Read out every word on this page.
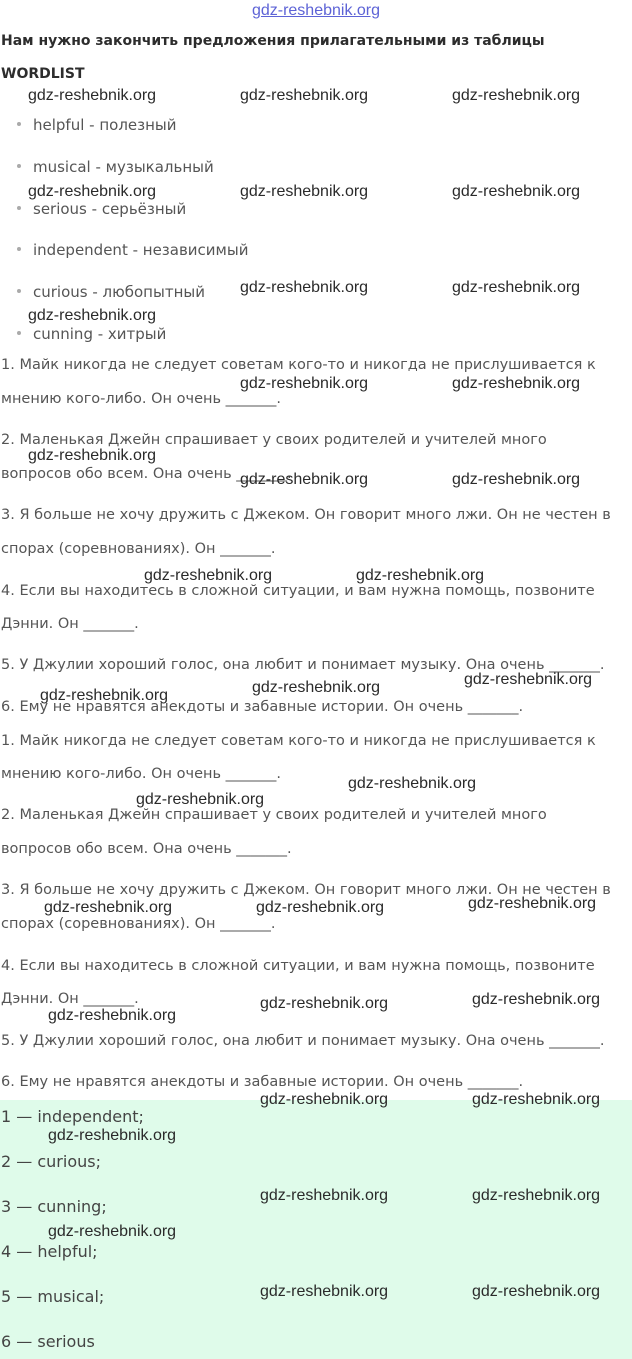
gdz-reshebnik.org
Нам нужно закончить предложения прилагательными из таблицы
WORDLIST
helpful - полезный
musical - музыкальный
serious - серьёзный
independent - независимый
curious - любопытный
cunning - хитрый
1. Майк никогда не следует советам кого-то и никогда не прислушивается к
мнению кого-либо. Он очень _______.
2. Маленькая Джейн спрашивает у своих родителей и учителей много
вопросов обо всем. Она очень _______.
3. Я больше не хочу дружить с Джеком. Он говорит много лжи. Он не честен в
спорах (соревнованиях). Он _______.
4. Если вы находитесь в сложной ситуации, и вам нужна помощь, позвоните
Дэнни. Он _______.
5. У Джулии хороший голос, она любит и понимает музыку. Она очень _______.
6. Ему не нравятся анекдоты и забавные истории. Он очень _______.
1. Майк никогда не следует советам кого-то и никогда не прислушивается к
мнению кого-либо. Он очень _______.
2. Маленькая Джейн спрашивает у своих родителей и учителей много
вопросов обо всем. Она очень _______.
3. Я больше не хочу дружить с Джеком. Он говорит много лжи. Он не честен в
спорах (соревнованиях). Он _______.
4. Если вы находитесь в сложной ситуации, и вам нужна помощь, позвоните
Дэнни. Он _______.
5. У Джулии хороший голос, она любит и понимает музыку. Она очень _______.
6. Ему не нравятся анекдоты и забавные истории. Он очень _______.
1 — independent;
2 — curious;
3 — cunning;
4 — helpful;
5 — musical;
6 — serious
gdz-reshebnik.org	gdz-reshebnik.org	gdz-reshebnik.org
gdz-reshebnik.org	gdz-reshebnik.org	gdz-reshebnik.org
gdz-reshebnik.org	gdz-reshebnik.org
gdz-reshebnik.org
gdz-reshebnik.org	gdz-reshebnik.org
gdz-reshebnik.org
gdz-reshebnik.org	gdz-reshebnik.org
gdz-reshebnik.org	gdz-reshebnik.org
gdz-reshebnik.org	gdz-reshebnik.org
gdz-reshebnik.org
gdz-reshebnik.org
gdz-reshebnik.org
gdz-reshebnik.org	gdz-reshebnik.org	gdz-reshebnik.org
gdz-reshebnik.org	gdz-reshebnik.org
gdz-reshebnik.org
gdz-reshebnik.org	gdz-reshebnik.org
gdz-reshebnik.org
gdz-reshebnik.org	gdz-reshebnik.org
gdz-reshebnik.org
gdz-reshebnik.org	gdz-reshebnik.org
